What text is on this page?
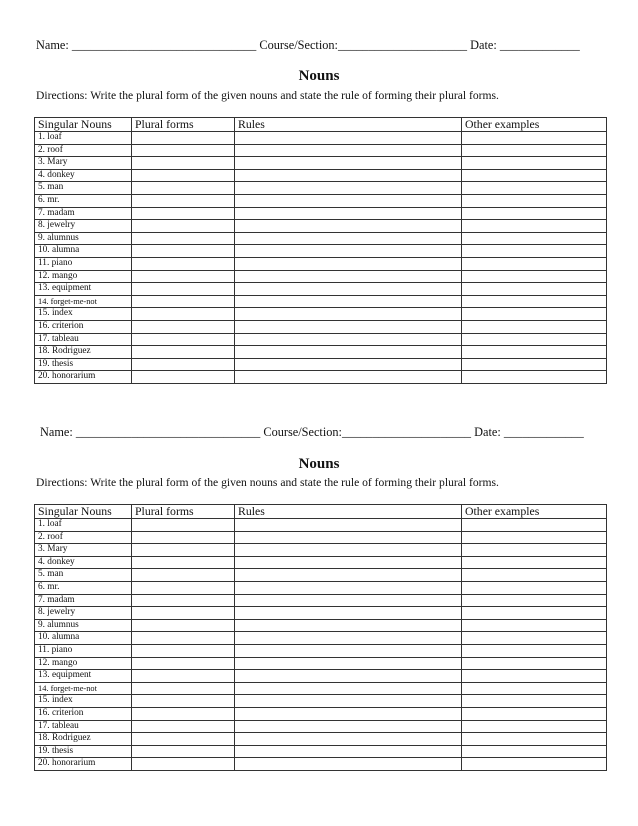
Name: ______________________________ Course/Section:_____________________ Date: _____________
Nouns
Directions: Write the plural form of the given nouns and state the rule of forming their plural forms.
Singular Nouns	Plural forms	Rules	Other examples
1. loaf			
2. roof			
3. Mary			
4. donkey			
5. man			
6. mr.			
7. madam			
8. jewelry			
9. alumnus			
10. alumna			
11. piano			
12. mango			
13. equipment			
14. forget-me-not			
15. index			
16. criterion			
17. tableau			
18. Rodriguez			
19. thesis			
20. honorarium			
Name: ______________________________ Course/Section:_____________________ Date: _____________
Nouns
Directions: Write the plural form of the given nouns and state the rule of forming their plural forms.
Singular Nouns	Plural forms	Rules	Other examples
1. loaf			
2. roof			
3. Mary			
4. donkey			
5. man			
6. mr.			
7. madam			
8. jewelry			
9. alumnus			
10. alumna			
11. piano			
12. mango			
13. equipment			
14. forget-me-not			
15. index			
16. criterion			
17. tableau			
18. Rodriguez			
19. thesis			
20. honorarium			
